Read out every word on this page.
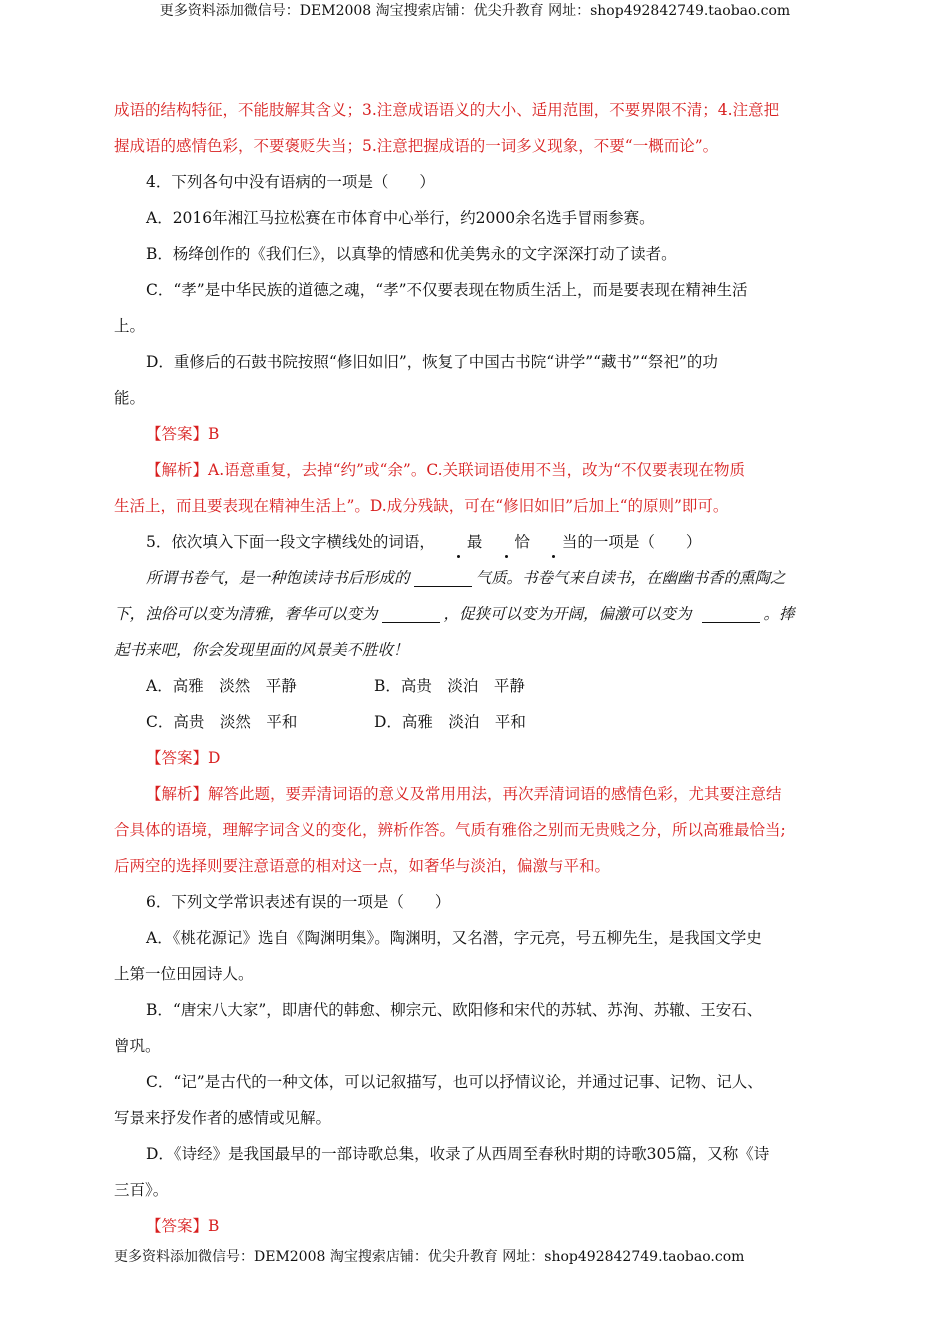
更多资料添加微信号：DEM2008 淘宝搜索店铺：优尖升教育 网址：shop492842749.taobao.com

成语的结构特征，不能肢解其含义；3.注意成语语义的大小、适用范围，不要界限不清；4.注意把

握成语的感情色彩，不要褒贬失当；5.注意把握成语的一词多义现象，不要“一概而论”。

4．下列各句中没有语病的一项是（　　）

A．2016年湘江马拉松赛在市体育中心举行，约2000余名选手冒雨参赛。

B．杨绛创作的《我们仨》，以真挚的情感和优美隽永的文字深深打动了读者。

C．“孝”是中华民族的道德之魂，“孝”不仅要表现在物质生活上，而是要表现在精神生活

上。

D．重修后的石鼓书院按照“修旧如旧”，恢复了中国古书院“讲学”“藏书”“祭祀”的功

能。

【答案】B

【解析】A.语意重复，去掉“约”或“余”。C.关联词语使用不当，改为“不仅要表现在物质

生活上，而且要表现在精神生活上”。D.成分残缺，可在“修旧如旧”后加上“的原则”即可。

5．依次填入下面一段文字横线处的词语， 最 恰 当的一项是（　　）

所谓书卷气，是一种饱读诗书后形成的	气质。书卷气来自读书，在幽幽书香的熏陶之

下，浊俗可以变为清雅，奢华可以变为	，促狭可以变为开阔，偏激可以变为	。捧

起书来吧，你会发现里面的风景美不胜收！

A．高雅　淡然　平静	B．高贵　淡泊　平静
C．高贵　淡然　平和	D．高雅　淡泊　平和

【答案】D

【解析】解答此题，要弄清词语的意义及常用用法，再次弄清词语的感情色彩，尤其要注意结

合具体的语境，理解字词含义的变化，辨析作答。气质有雅俗之别而无贵贱之分，所以高雅最恰当;

后两空的选择则要注意语意的相对这一点，如奢华与淡泊，偏激与平和。

6．下列文学常识表述有误的一项是（　　）

A．《桃花源记》选自《陶渊明集》。陶渊明，又名潜，字元亮，号五柳先生，是我国文学史

上第一位田园诗人。

B．“唐宋八大家”，即唐代的韩愈、柳宗元、欧阳修和宋代的苏轼、苏洵、苏辙、王安石、

曾巩。

C．“记”是古代的一种文体，可以记叙描写，也可以抒情议论，并通过记事、记物、记人、

写景来抒发作者的感情或见解。

D．《诗经》是我国最早的一部诗歌总集，收录了从西周至春秋时期的诗歌305篇，又称《诗

三百》。

【答案】B

更多资料添加微信号：DEM2008 淘宝搜索店铺：优尖升教育 网址：shop492842749.taobao.com
